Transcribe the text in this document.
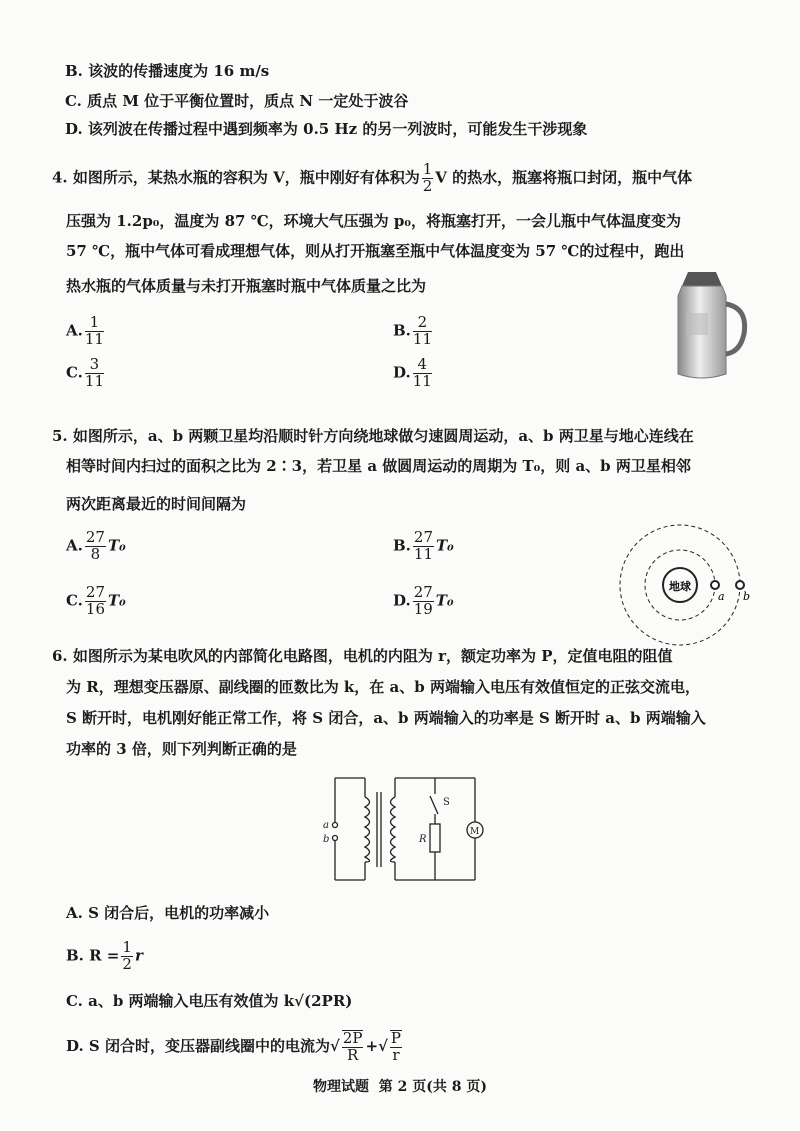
B. 该波的传播速度为 16 m/s
C. 质点 M 位于平衡位置时，质点 N 一定处于波谷
D. 该列波在传播过程中遇到频率为 0.5 Hz 的另一列波时，可能发生干涉现象
4. 如图所示，某热水瓶的容积为 V，瓶中刚好有体积为 $\frac{1}{2}$ V 的热水，瓶塞将瓶口封闭，瓶中气体
压强为 1.2p₀，温度为 87 ℃，环境大气压强为 p₀，将瓶塞打开，一会儿瓶中气体温度变为
57 ℃，瓶中气体可看成理想气体，则从打开瓶塞至瓶中气体温度变为 57 ℃的过程中，跑出
热水瓶的气体质量与未打开瓶塞时瓶中气体质量之比为
A. $\frac{1}{11}$	B. $\frac{2}{11}$
C. $\frac{3}{11}$	D. $\frac{4}{11}$
5. 如图所示，a、b 两颗卫星均沿顺时针方向绕地球做匀速圆周运动，a、b 两卫星与地心连线在
相等时间内扫过的面积之比为 2∶3，若卫星 a 做圆周运动的周期为 T₀，则 a、b 两卫星相邻
两次距离最近的时间间隔为
A. $\frac{27}{8} T_0$	B. $\frac{27}{11} T_0$
C. $\frac{27}{16} T_0$	D. $\frac{27}{19} T_0$
地球
a b
6. 如图所示为某电吹风的内部简化电路图，电机的内阻为 r，额定功率为 P，定值电阻的阻值
为 R，理想变压器原、副线圈的匝数比为 k，在 a、b 两端输入电压有效值恒定的正弦交流电，
S 断开时，电机刚好能正常工作，将 S 闭合，a、b 两端输入的功率是 S 断开时 a、b 两端输入
功率的 3 倍，则下列判断正确的是
a
b
S
R
M
A. S 闭合后，电机的功率减小
B. $R = \frac{1}{2}$ r
C. a、b 两端输入电压有效值为 k√(2PR)
D. S 闭合时，变压器副线圈中的电流为√ $\frac{2P}{R}$ +√ $\frac{P}{r}$
物理试题  第 2 页(共 8 页)
